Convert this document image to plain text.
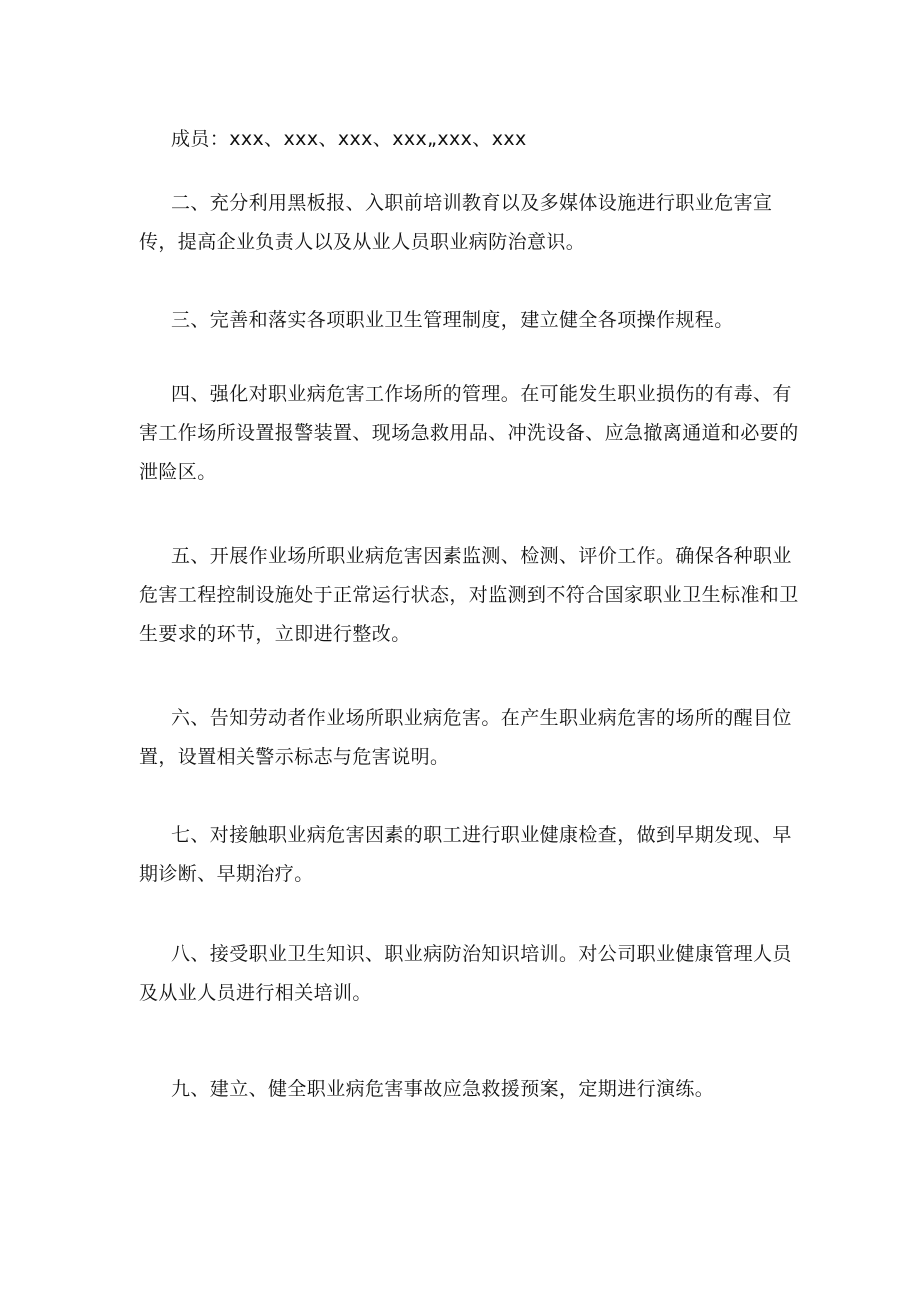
成员：xxx、xxx、xxx、xxx„xxx、xxx

二、充分利用黑板报、入职前培训教育以及多媒体设施进行职业危害宣传，提高企业负责人以及从业人员职业病防治意识。

三、完善和落实各项职业卫生管理制度，建立健全各项操作规程。

四、强化对职业病危害工作场所的管理。在可能发生职业损伤的有毒、有害工作场所设置报警装置、现场急救用品、冲洗设备、应急撤离通道和必要的泄险区。

五、开展作业场所职业病危害因素监测、检测、评价工作。确保各种职业危害工程控制设施处于正常运行状态，对监测到不符合国家职业卫生标准和卫生要求的环节，立即进行整改。

六、告知劳动者作业场所职业病危害。在产生职业病危害的场所的醒目位置，设置相关警示标志与危害说明。

七、对接触职业病危害因素的职工进行职业健康检查，做到早期发现、早期诊断、早期治疗。

八、接受职业卫生知识、职业病防治知识培训。对公司职业健康管理人员及从业人员进行相关培训。

九、建立、健全职业病危害事故应急救援预案，定期进行演练。
